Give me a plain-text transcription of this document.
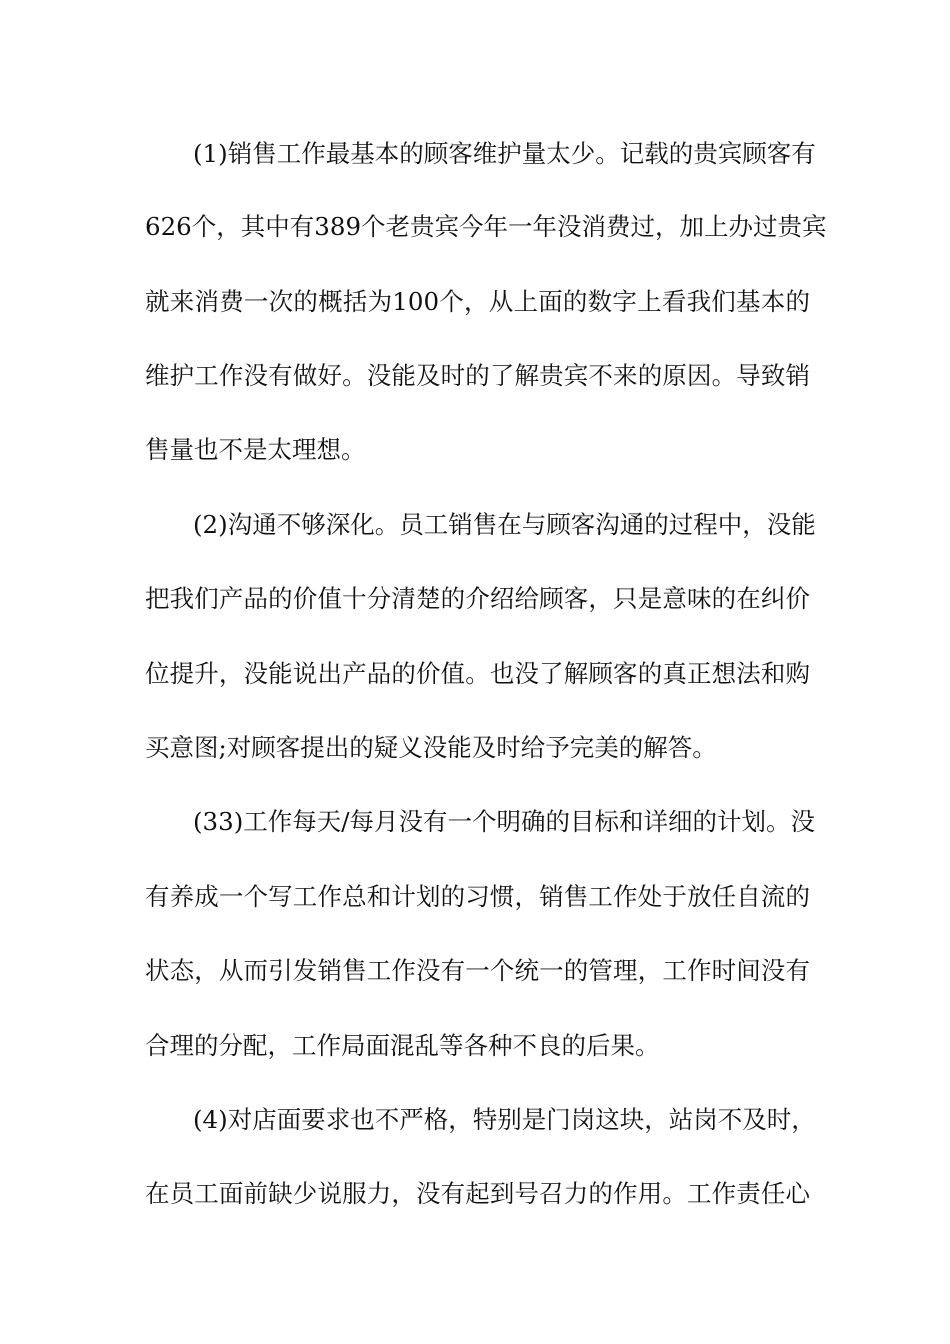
(1)销售工作最基本的顾客维护量太少。记载的贵宾顾客有
626个，其中有389个老贵宾今年一年没消费过，加上办过贵宾
就来消费一次的概括为100个，从上面的数字上看我们基本的
维护工作没有做好。没能及时的了解贵宾不来的原因。导致销
售量也不是太理想。
(2)沟通不够深化。员工销售在与顾客沟通的过程中，没能
把我们产品的价值十分清楚的介绍给顾客，只是意味的在纠价
位提升，没能说出产品的价值。也没了解顾客的真正想法和购
买意图;对顾客提出的疑义没能及时给予完美的解答。
(33)工作每天/每月没有一个明确的目标和详细的计划。没
有养成一个写工作总和计划的习惯，销售工作处于放任自流的
状态，从而引发销售工作没有一个统一的管理，工作时间没有
合理的分配，工作局面混乱等各种不良的后果。
(4)对店面要求也不严格，特别是门岗这块，站岗不及时，
在员工面前缺少说服力，没有起到号召力的作用。工作责任心
